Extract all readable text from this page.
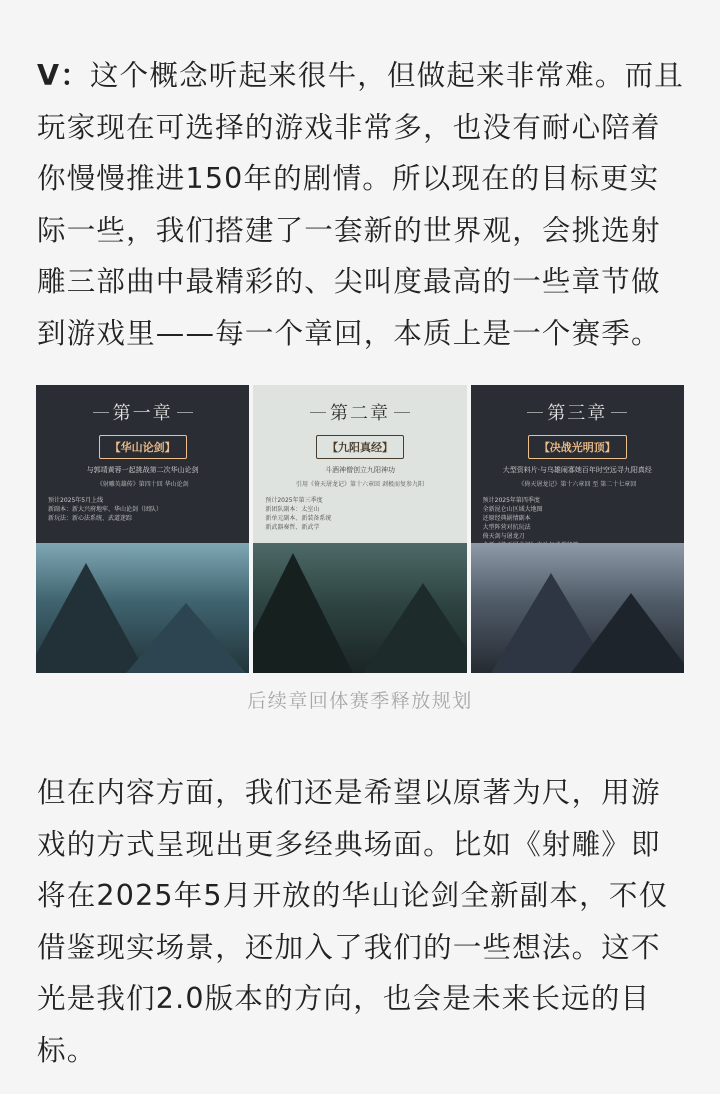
V：这个概念听起来很牛，但做起来非常难。而且玩家现在可选择的游戏非常多，也没有耐心陪着你慢慢推进150年的剧情。所以现在的目标更实际一些，我们搭建了一套新的世界观，会挑选射雕三部曲中最精彩的、尖叫度最高的一些章节做到游戏里——每一个章回，本质上是一个赛季。

第一章
【华山论剑】
与郭靖黄蓉一起挑战第二次华山论剑
《射雕英雄传》第四十回 华山论剑
预计2025年5月上线
新副本：新大兴府地牢、华山论剑（团队）
新玩法：新心法系统、武道迷踪
第二章
【九阳真经】
斗酒神僧创立九阳神功
引用《倚天屠龙记》第十六章回 剥极而复参九阳
预计2025年第三季度
新团队副本：太室山
新单元副本、新装备系统
新武器奏哲、新武学
第三章
【决战光明顶】
大型资料片·与乌雄闹寡她百年时空远寻九阳真经
《倚天屠龙记》第十六章回 至 第二十七章回
预计2025年第四季度
全新昆仑山区域大地图
还原经典剧情副本
大型阵营对抗玩法
倚天剑与屠龙刀
后续章回体赛季释放规划

但在内容方面，我们还是希望以原著为尺，用游戏的方式呈现出更多经典场面。比如《射雕》即将在2025年5月开放的华山论剑全新副本，不仅借鉴现实场景，还加入了我们的一些想法。这不光是我们2.0版本的方向，也会是未来长远的目标。
